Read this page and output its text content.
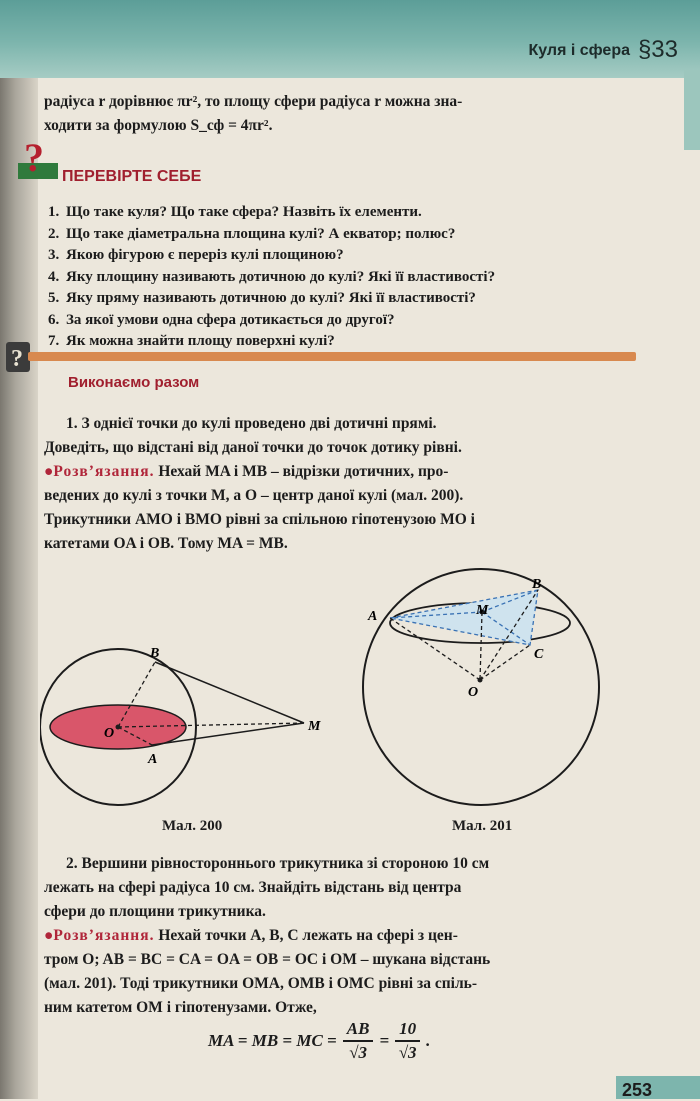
Куля і сфера §33
радіуса r дорівнює πr², то площу сфери радіуса r можна зна-
ходити за формулою S_сф = 4πr².
? ПЕРЕВІРТЕ СЕБЕ
1. Що таке куля? Що таке сфера? Назвіть їх елементи.
2. Що таке діаметральна площина кулі? А екватор; полюс?
3. Якою фігурою є переріз кулі площиною?
4. Яку площину називають дотичною до кулі? Які її властивості?
5. Яку пряму називають дотичною до кулі? Які її властивості?
6. За якої умови одна сфера дотикається до другої?
7. Як можна знайти площу поверхні кулі?
?
Виконаємо разом
1. З однієї точки до кулі проведено дві дотичні прямі.
Доведіть, що відстані від даної точки до точок дотику рівні.
●Розв’язання. Нехай MA і MB – відрізки дотичних, про-
ведених до кулі з точки M, а O – центр даної кулі (мал. 200).
Трикутники AMO і BMO рівні за спільною гіпотенузою MO і
катетами OA і OB. Тому MA = MB.
B
O
A
M
Мал. 200
A
B
M
C
O
Мал. 201
2. Вершини рівностороннього трикутника зі стороною 10 см
лежать на сфері радіуса 10 см. Знайдіть відстань від центра
сфери до площини трикутника.
●Розв’язання. Нехай точки A, B, C лежать на сфері з цен-
тром O; AB = BC = CA = OA = OB = OC і OM – шукана відстань
(мал. 201). Тоді трикутники OMA, OMB і OMC рівні за спіль-
ним катетом OM і гіпотенузами. Отже,
MA = MB = MC = $\frac{AB}{√3} = \frac{10}{√3}$ .
253
